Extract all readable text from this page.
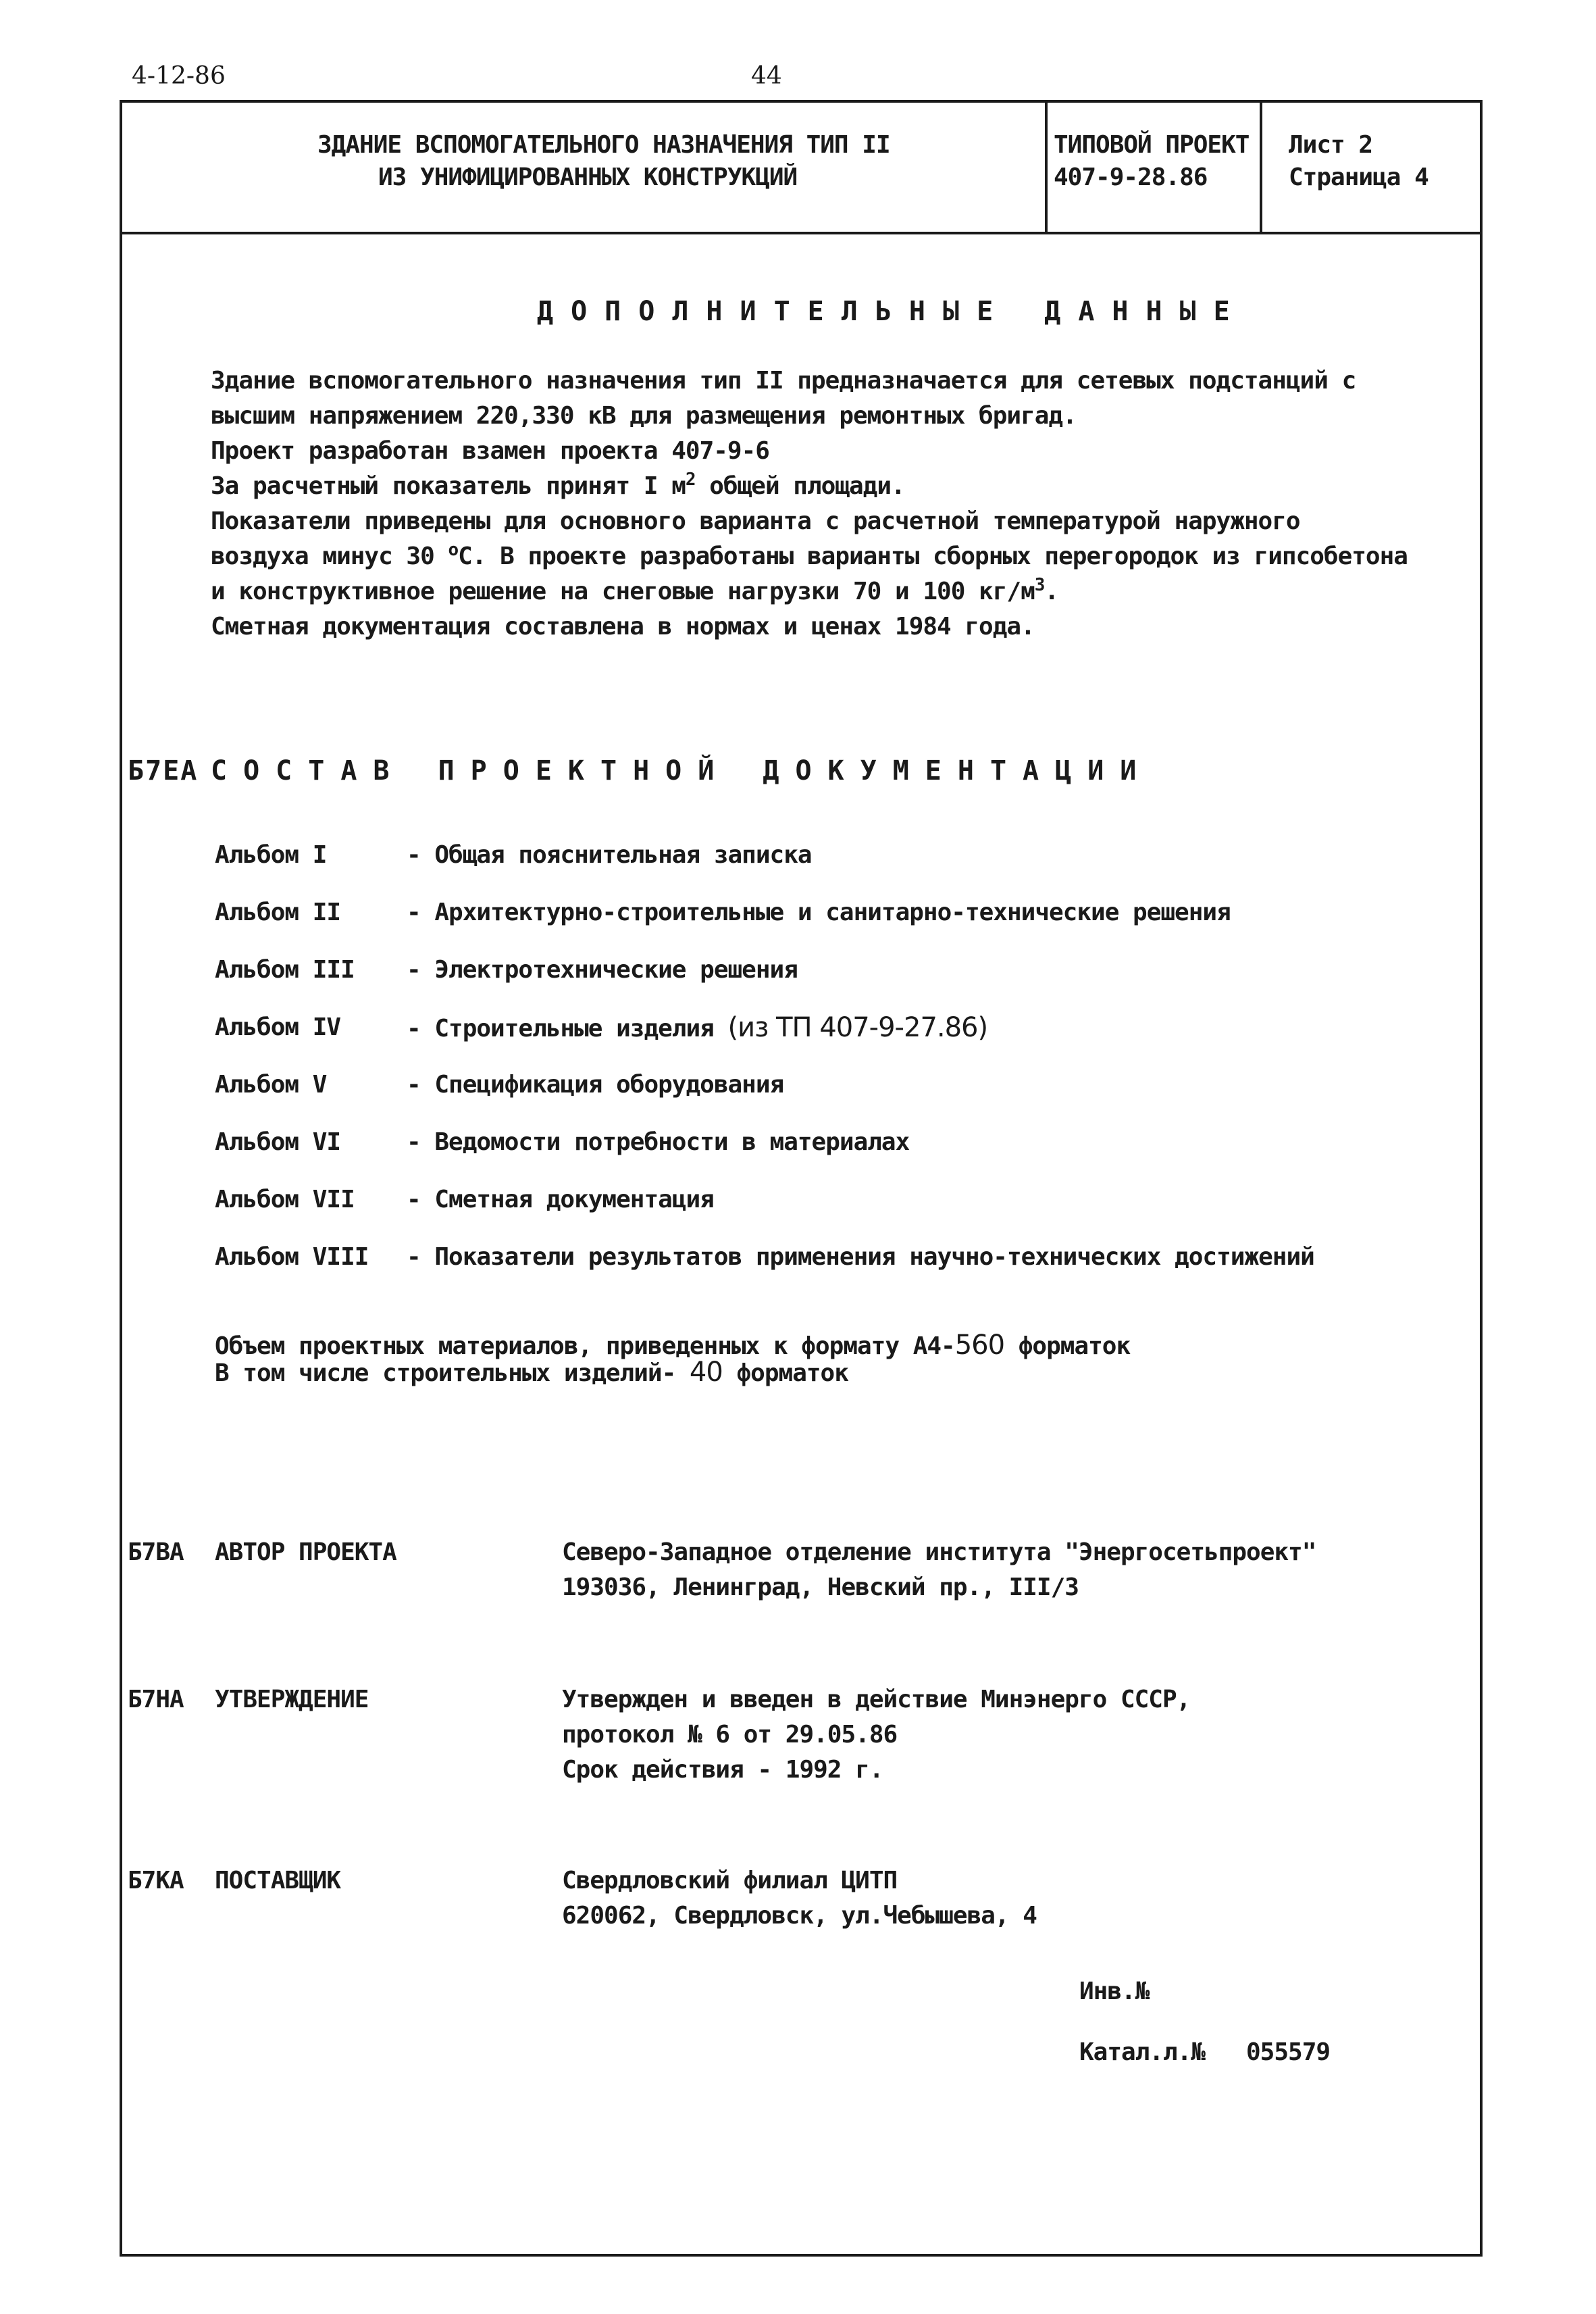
4-12-86	44
ЗДАНИЕ ВСПОМОГАТЕЛЬНОГО НАЗНАЧЕНИЯ ТИП II
ИЗ УНИФИЦИРОВАННЫХ КОНСТРУКЦИЙ
ТИПОВОЙ ПРОЕКТ
407-9-28.86
Лист 2
Страница 4
ДОПОЛНИТЕЛЬНЫЕ ДАННЫЕ
Здание вспомогательного назначения тип II предназначается для сетевых подстанций с
высшим напряжением 220,330 кВ для размещения ремонтных бригад.
Проект разработан взамен проекта 407-9-6
За расчетный показатель принят I $м^2$ общей площади.
Показатели приведены для основного варианта с расчетной температурой наружного
воздуха минус 30 $^о$С. В проекте разработаны варианты сборных перегородок из гипсобетона
и конструктивное решение на снеговые нагрузки 70 и 100 $кг/м^3$.
Сметная документация составлена в нормах и ценах 1984 года.
Б7ЕА СОСТАВ ПРОЕКТНОЙ ДОКУМЕНТАЦИИ
Альбом I	- Общая пояснительная записка
Альбом II	- Архитектурно-строительные и санитарно-технические решения
Альбом III - Электротехнические решения
Альбом IV	- Строительные изделия (из ТП 407-9-27.86)
Альбом V	- Спецификация оборудования
Альбом VI	- Ведомости потребности в материалах
Альбом VII - Сметная документация
Альбом VIII - Показатели результатов применения научно-технических достижений
Объем проектных материалов, приведенных к формату А4-560 форматок
В том числе строительных изделий- 40 форматок
Б7ВА АВТОР ПРОЕКТА	Северо-Западное отделение института "Энергосетьпроект"
193036, Ленинград, Невский пр., III/3
Б7НА УТВЕРЖДЕНИЕ	Утвержден и введен в действие Минэнерго СССР,
протокол № 6 от 29.05.86
Срок действия - 1992 г.
Б7КА ПОСТАВЩИК	Свердловский филиал ЦИТП
620062, Свердловск, ул.Чебышева, 4
Инв.№
Катал.л.№ 055579
